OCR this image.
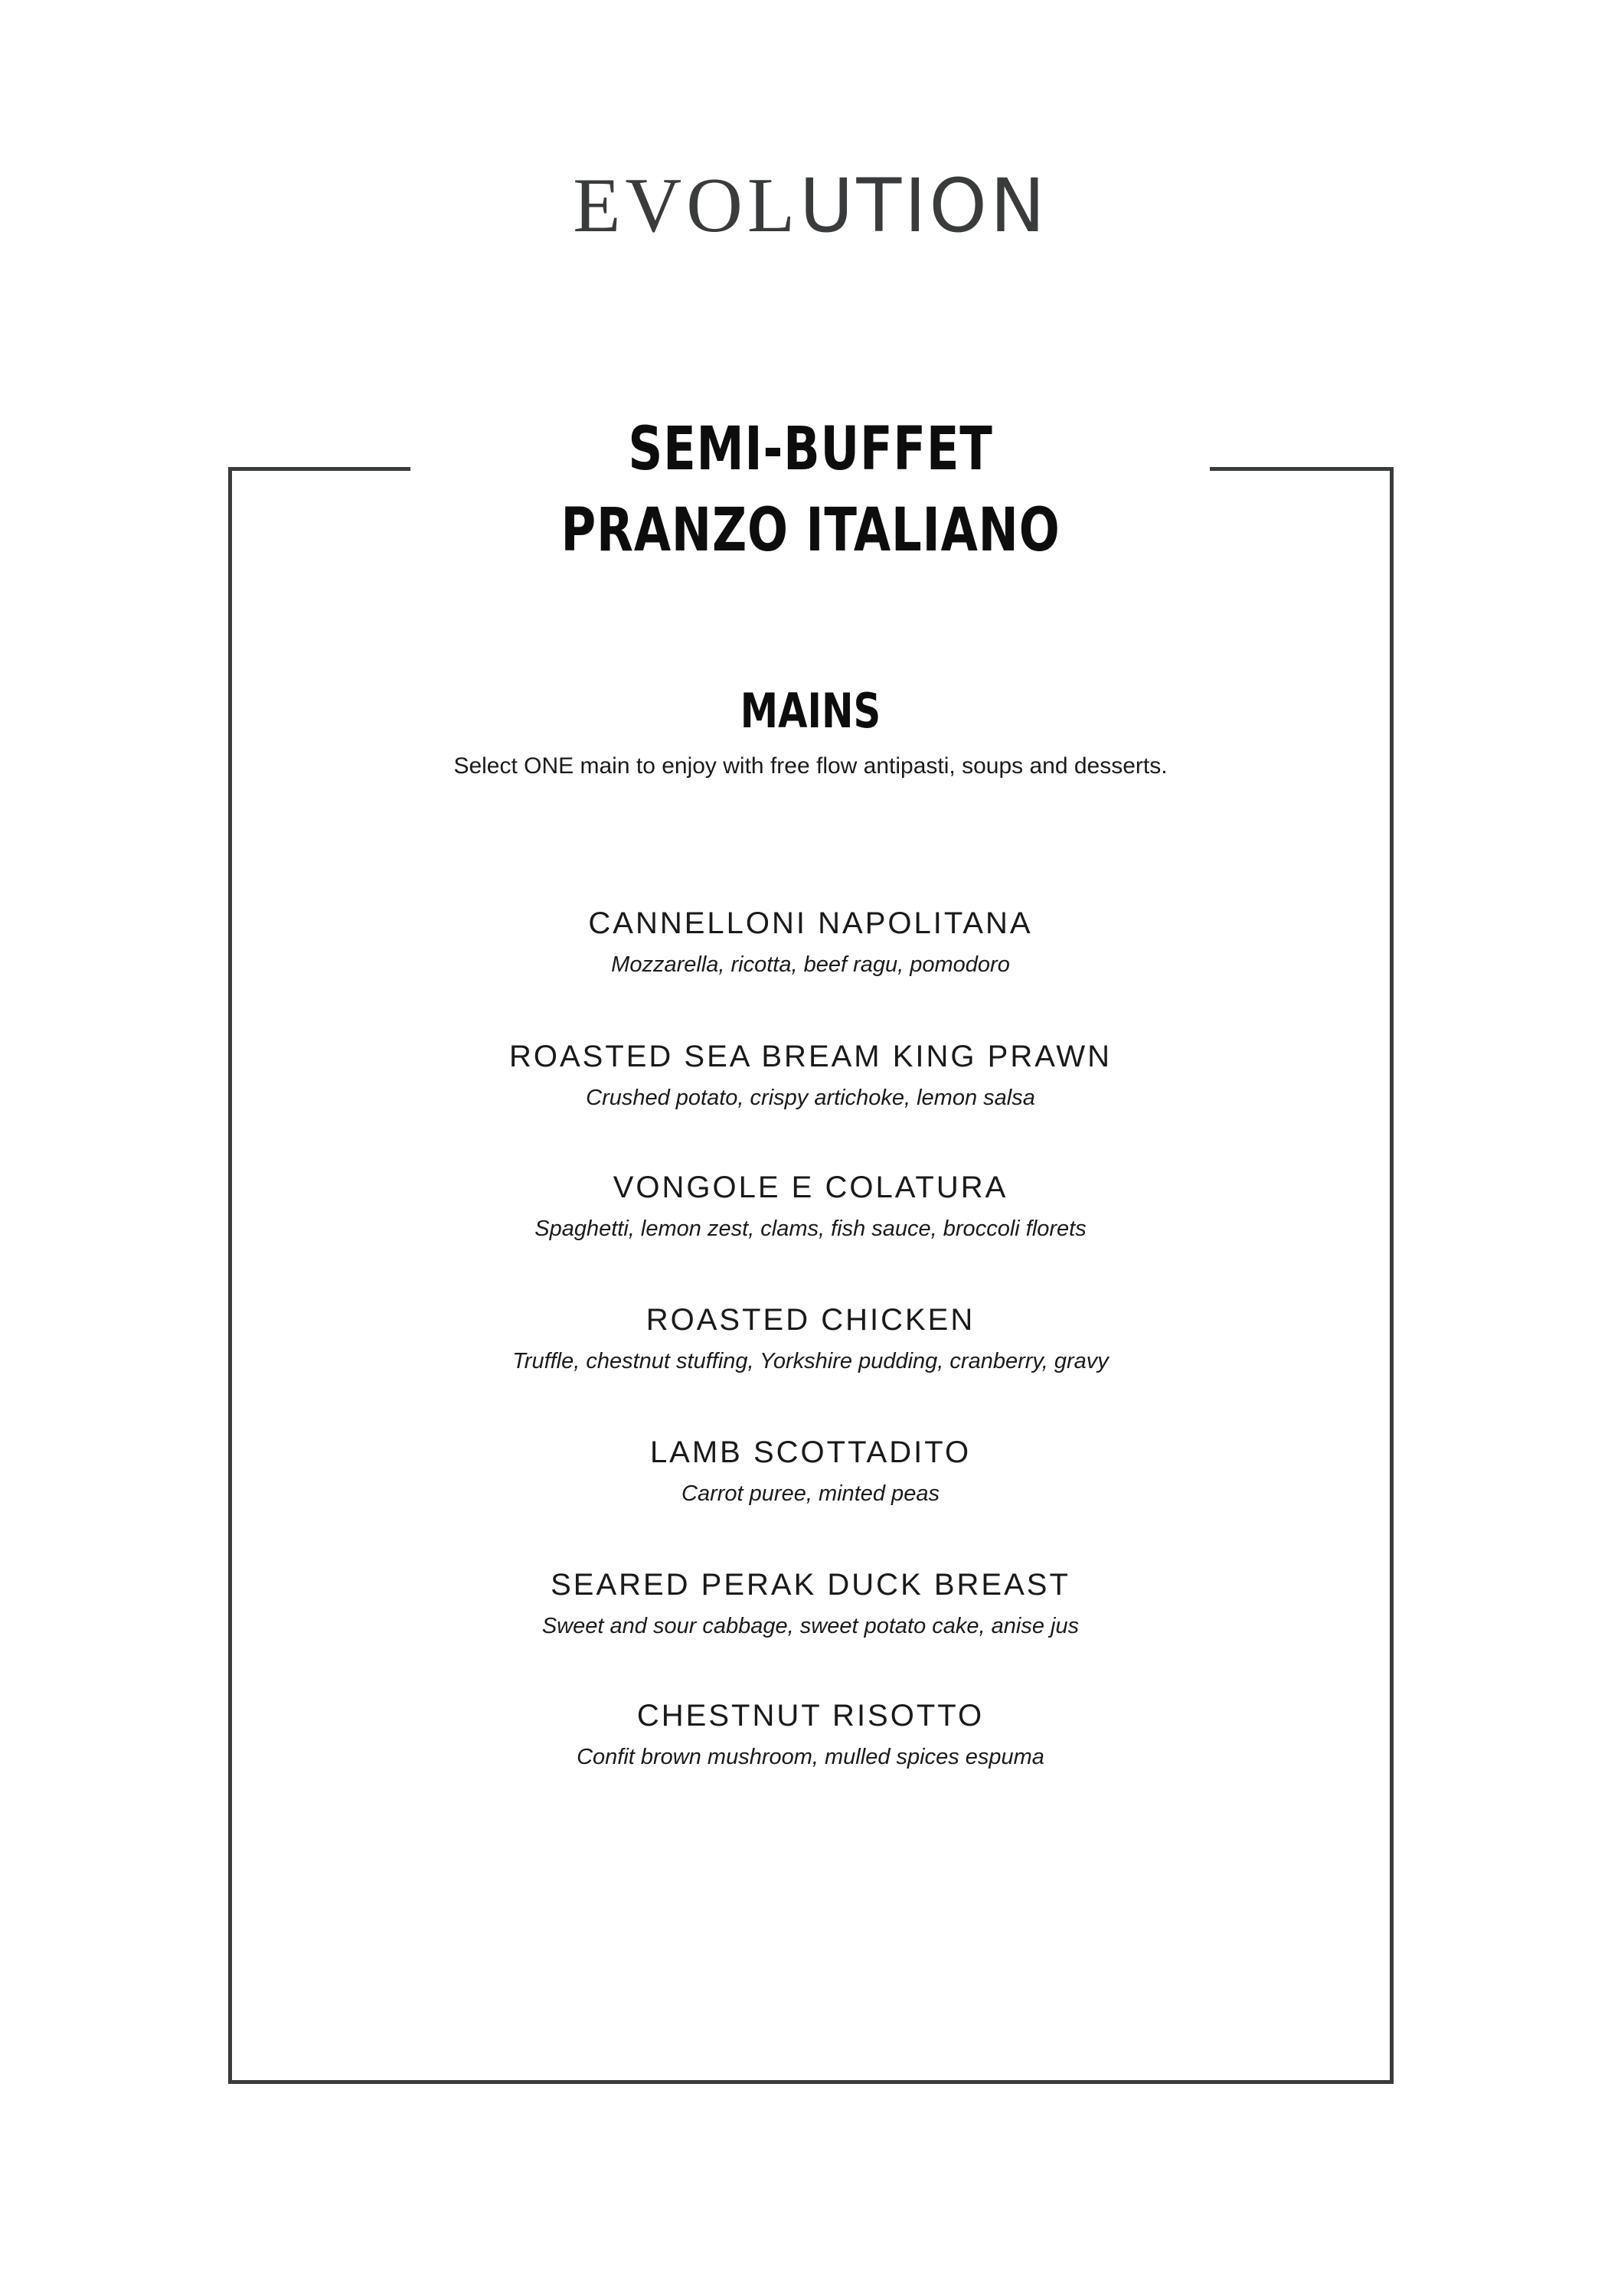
EVOLUTION
SEMI-BUFFET
PRANZO ITALIANO
MAINS
Select ONE main to enjoy with free flow antipasti, soups and desserts.
CANNELLONI NAPOLITANA
Mozzarella, ricotta, beef ragu, pomodoro
ROASTED SEA BREAM KING PRAWN
Crushed potato, crispy artichoke, lemon salsa
VONGOLE E COLATURA
Spaghetti, lemon zest, clams, fish sauce, broccoli florets
ROASTED CHICKEN
Truffle, chestnut stuffing, Yorkshire pudding, cranberry, gravy
LAMB SCOTTADITO
Carrot puree, minted peas
SEARED PERAK DUCK BREAST
Sweet and sour cabbage, sweet potato cake, anise jus
CHESTNUT RISOTTO
Confit brown mushroom, mulled spices espuma
